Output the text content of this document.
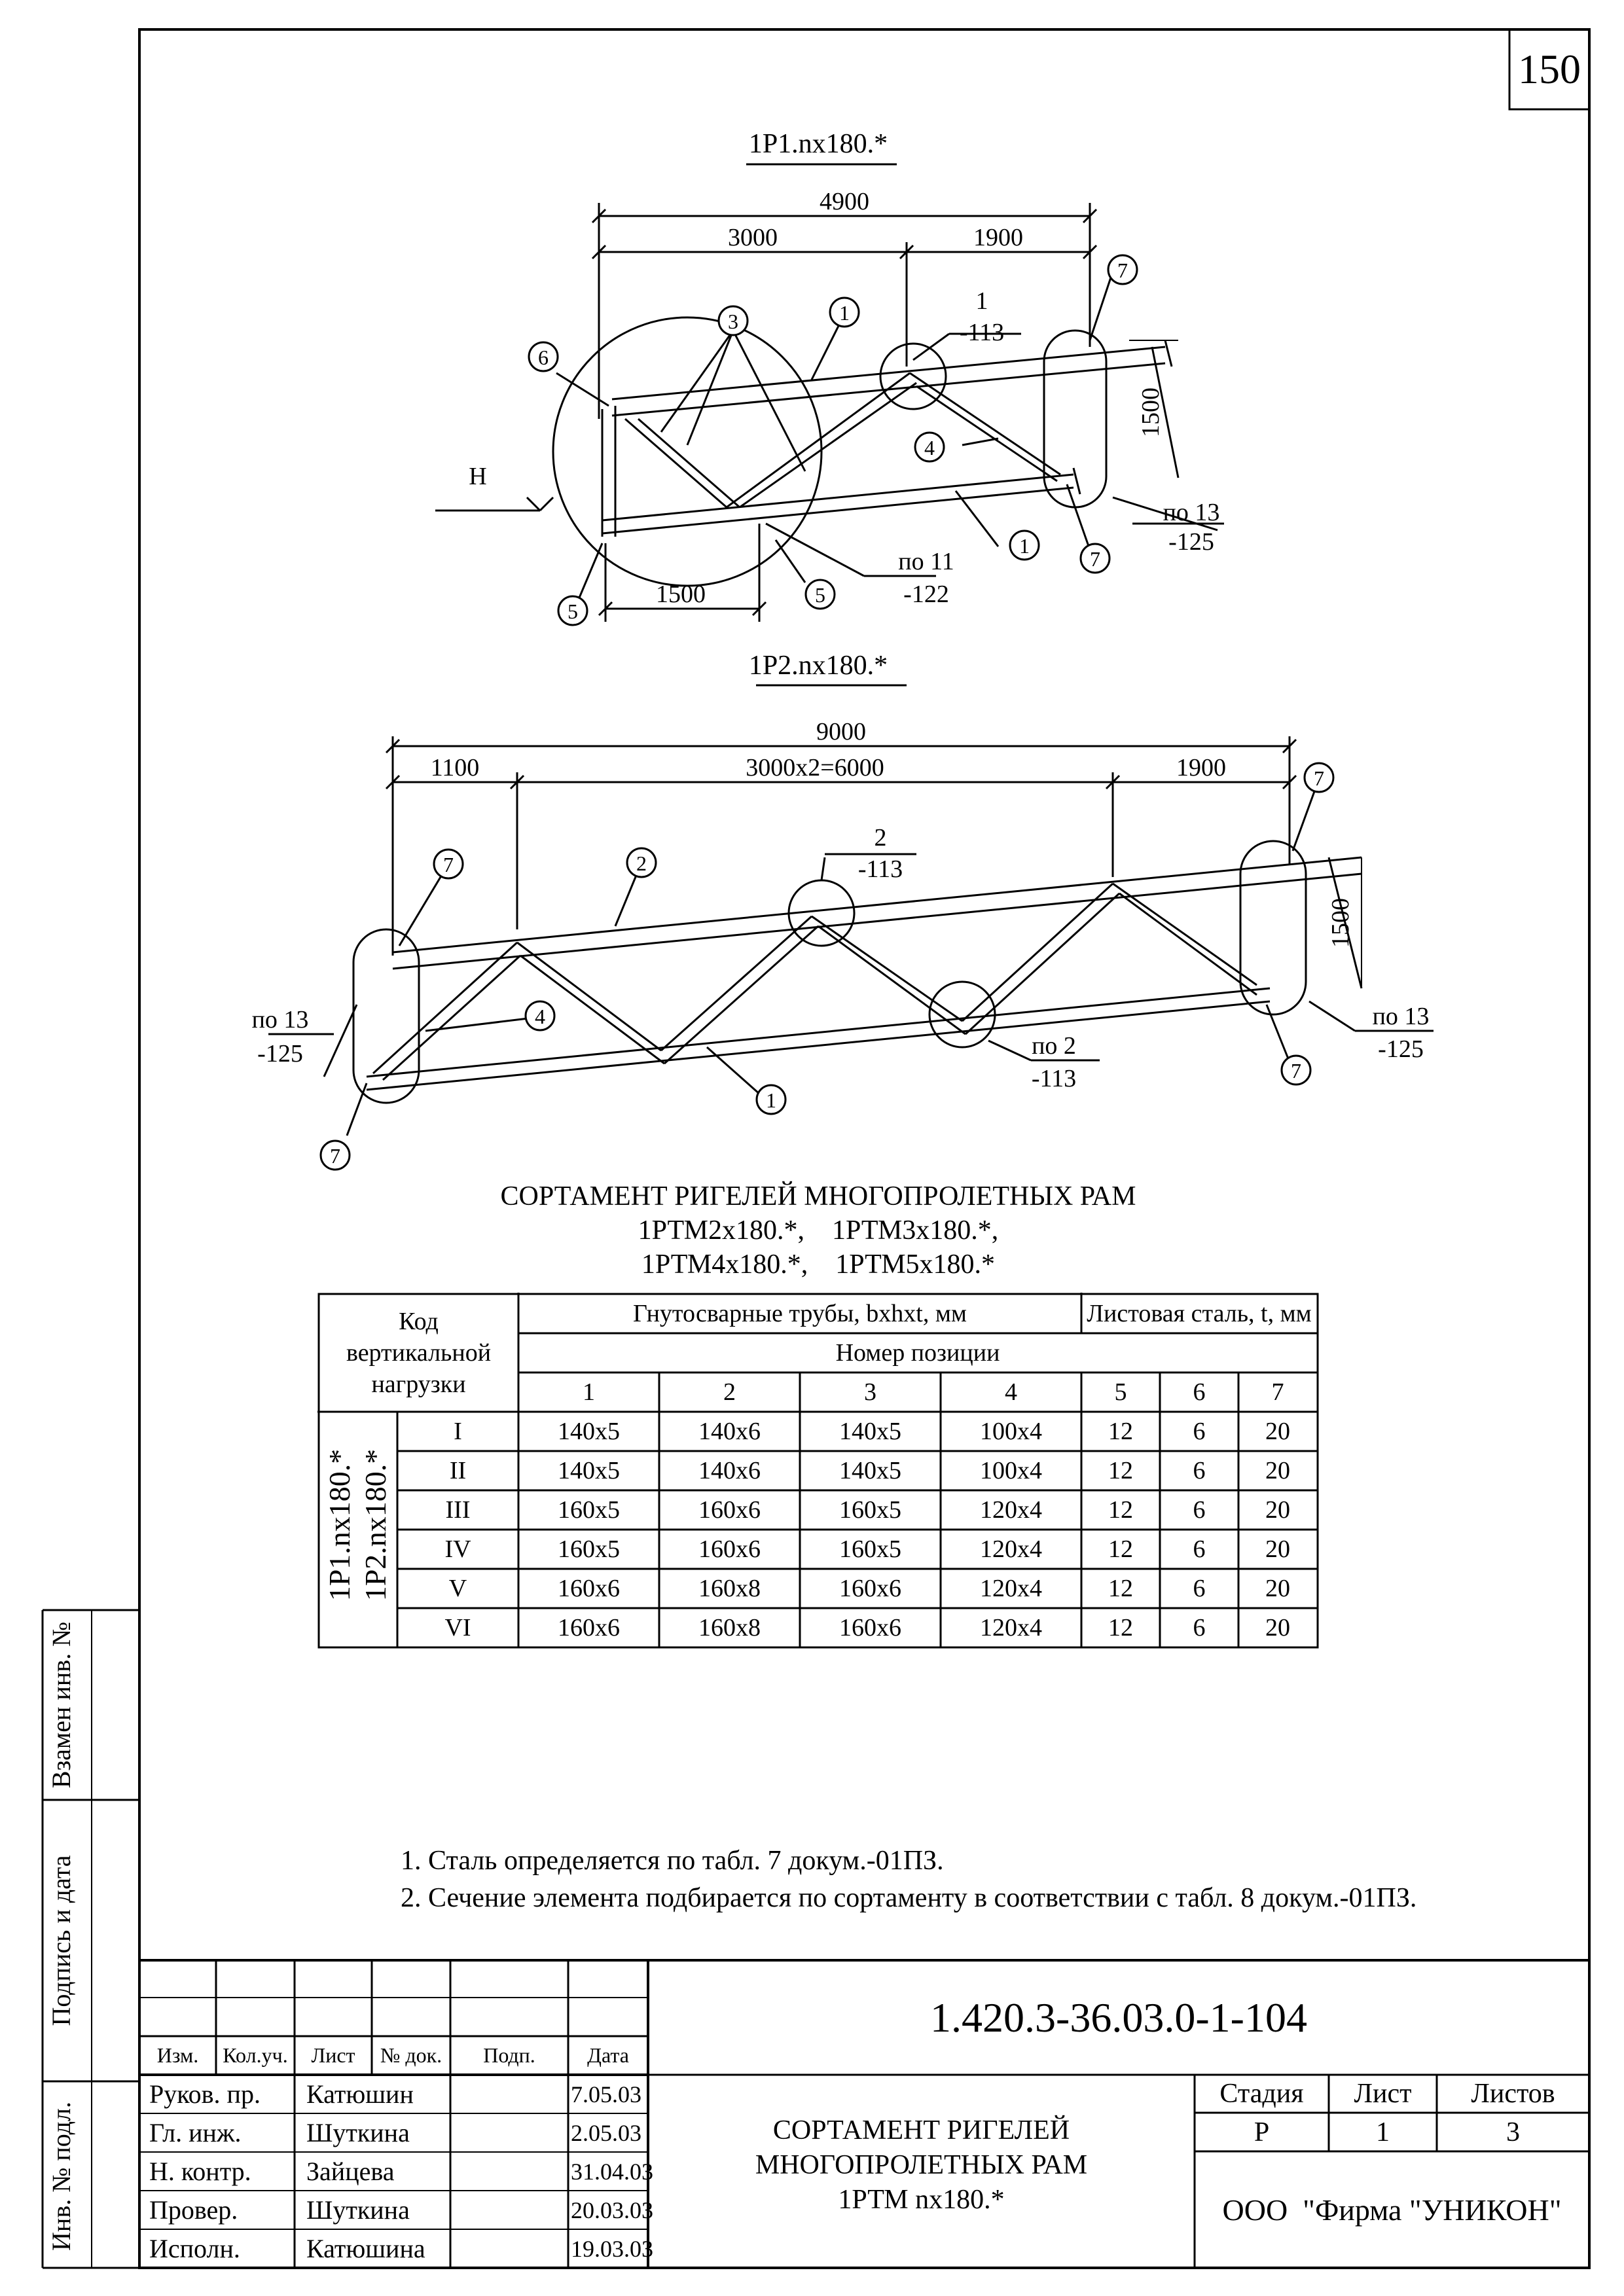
150
Взамен инв. №
Подпись и дата
Инв. № подл.
3	1
6
7
4
1
7
5
5
4900
3000	1900
1500
Н
1
-113
по 13
-125
по 11
-122
1500
1Р1.nx180.*
1Р2.nx180.*
7	2
7
4
1
7
7
9000
1100	3000x2=6000	1900
2
-113
по 13
-125
по 13
-125
по 2
-113
1500
СОРТАМЕНТ РИГЕЛЕЙ МНОГОПРОЛЕТНЫХ РАМ
1РТМ2x180.*,    1РТМ3x180.*,
1РТМ4x180.*,    1РТМ5x180.*
Код вертикальной нагрузки
Гнутосварные трубы, bxhxt, мм	Листовая сталь, t, мм
Номер позиции
1	2	3	4	5	6	7
1Р1.nx180.* 1Р2.nx180.*
I	140x5	140x6	140x5	100x4	12	6	20
II	140x5	140x6	140x5	100x4	12	6	20
III	160x5	160x6	160x5	120x4	12	6	20
IV	160x5	160x6	160x5	120x4	12	6	20
V	160x6	160x8	160x6	120x4	12	6	20
VI	160x6	160x8	160x6	120x4	12	6	20
1. Сталь определяется по табл. 7 докум.-01ПЗ.
2. Сечение элемента подбирается по сортаменту в соответствии с табл. 8 докум.-01ПЗ.
1.420.3-36.03.0-1-104
Изм.	Кол.уч.	Лист	№ док.	Подп.	Дата
Руков. пр.	Катюшин	7.05.03
Гл. инж.	Шуткина	2.05.03
Н. контр.	Зайцева	31.04.03
Провер.	Шуткина	20.03.03
Исполн.	Катюшина	19.03.03
СОРТАМЕНТ РИГЕЛЕЙ
МНОГОПРОЛЕТНЫХ РАМ
1РТМ nx180.*
Стадия	Лист	Листов
Р	1	3
ООО  "Фирма "УНИКОН"
